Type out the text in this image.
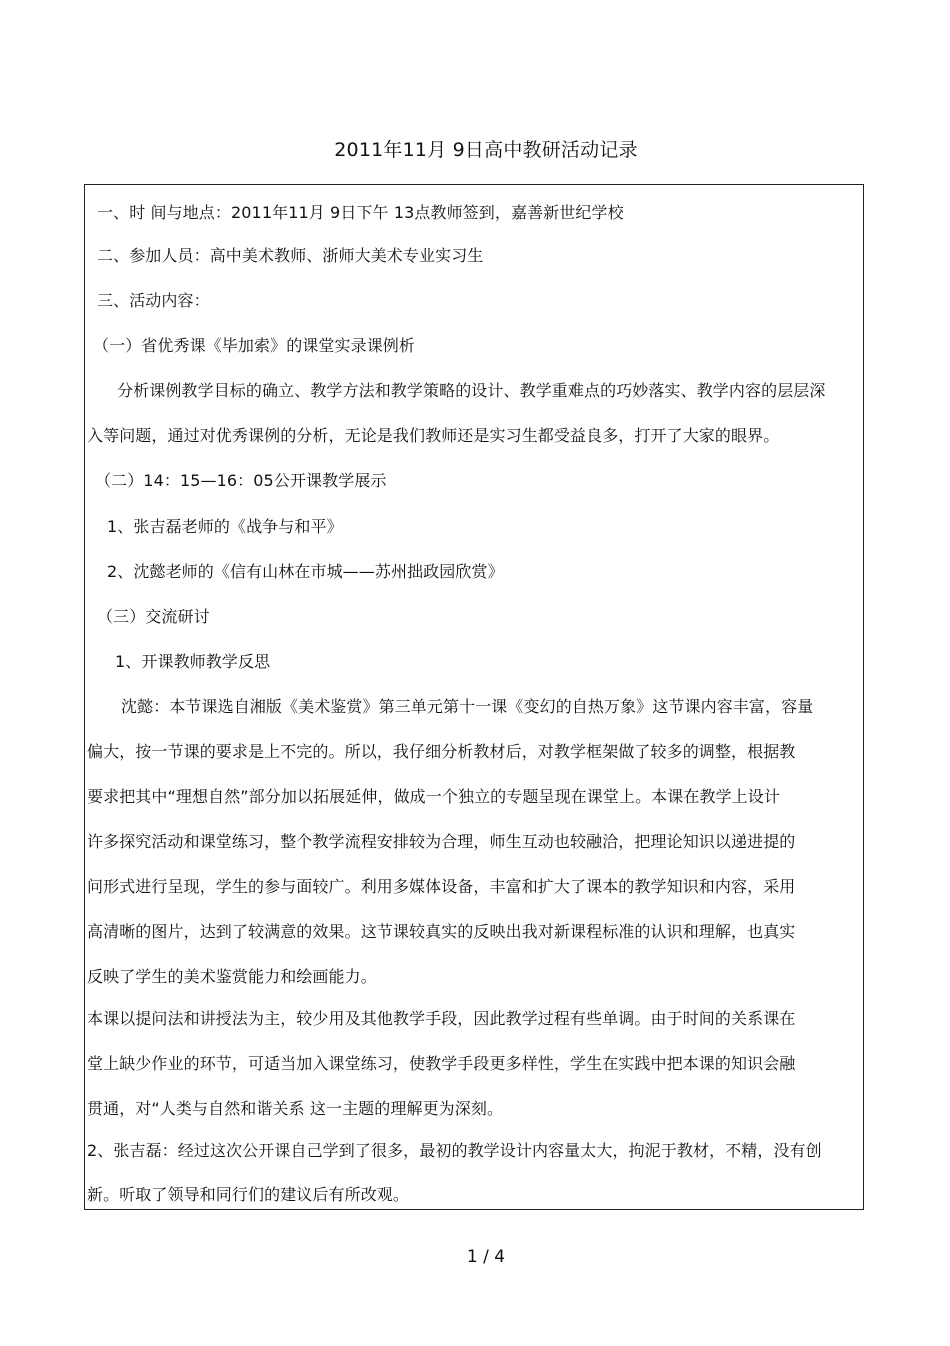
2011年11月 9日高中教研活动记录
一、时 间与地点：2011年11月 9日下午 13点教师签到，嘉善新世纪学校
二、参加人员：高中美术教师、浙师大美术专业实习生
三、活动内容：
（一）省优秀课《毕加索》的课堂实录课例析
　分析课例教学目标的确立、教学方法和教学策略的设计、教学重难点的巧妙落实、教学内容的层层深
入等问题，通过对优秀课例的分析，无论是我们教师还是实习生都受益良多，打开了大家的眼界。
（二）14：15—16：05公开课教学展示
1、张吉磊老师的《战争与和平》
2、沈懿老师的《信有山林在市城——苏州拙政园欣赏》
（三）交流研讨
1、开课教师教学反思
沈懿：本节课选自湘版《美术鉴赏》第三单元第十一课《变幻的自热万象》这节课内容丰富，容量
偏大，按一节课的要求是上不完的。所以，我仔细分析教材后，对教学框架做了较多的调整，根据教
要求把其中“理想自然”部分加以拓展延伸，做成一个独立的专题呈现在课堂上。本课在教学上设计
许多探究活动和课堂练习，整个教学流程安排较为合理，师生互动也较融洽，把理论知识以递进提的
问形式进行呈现，学生的参与面较广。利用多媒体设备，丰富和扩大了课本的教学知识和内容，采用
高清晰的图片，达到了较满意的效果。这节课较真实的反映出我对新课程标准的认识和理解，也真实
反映了学生的美术鉴赏能力和绘画能力。
本课以提问法和讲授法为主，较少用及其他教学手段，因此教学过程有些单调。由于时间的关系课在
堂上缺少作业的环节，可适当加入课堂练习，使教学手段更多样性，学生在实践中把本课的知识会融
贯通，对“人类与自然和谐关系 这一主题的理解更为深刻。
2、张吉磊：经过这次公开课自己学到了很多，最初的教学设计内容量太大，拘泥于教材，不精，没有创
新。听取了领导和同行们的建议后有所改观。
1 / 4
